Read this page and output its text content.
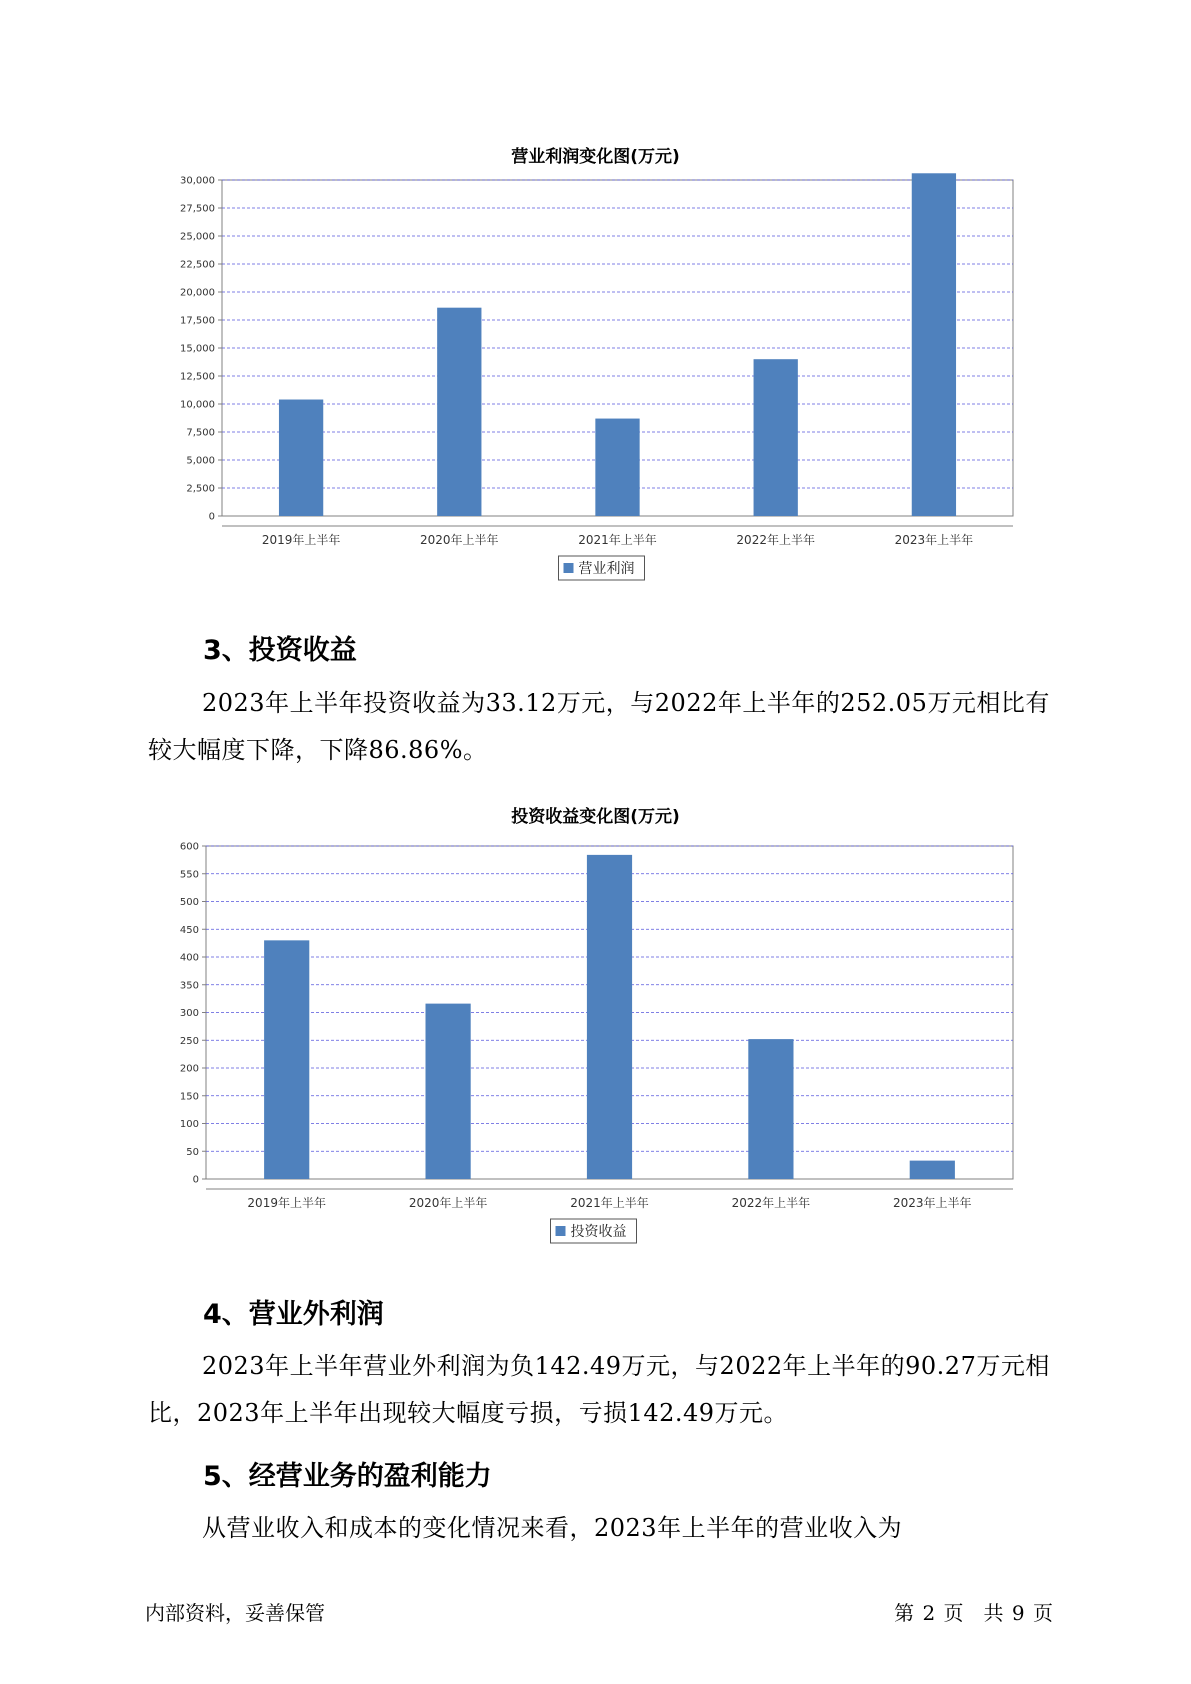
营业利润变化图(万元)
0
2,500
5,000
7,500
10,000
12,500
15,000
17,500
20,000
22,500
25,000
27,500
30,000
2019年上半年	2020年上半年	2021年上半年	2022年上半年	2023年上半年
营业利润
3、投资收益
2023年上半年投资收益为33.12万元，与2022年上半年的252.05万元相比有较大幅度下降，下降86.86%。
投资收益变化图(万元)
0
50
100
150
200
250
300
350
400
450
500
550
600
2019年上半年	2020年上半年	2021年上半年	2022年上半年	2023年上半年
投资收益
4、营业外利润
2023年上半年营业外利润为负142.49万元，与2022年上半年的90.27万元相比，2023年上半年出现较大幅度亏损，亏损142.49万元。
5、经营业务的盈利能力
从营业收入和成本的变化情况来看，2023年上半年的营业收入为
内部资料，妥善保管	第 2 页　共 9 页
